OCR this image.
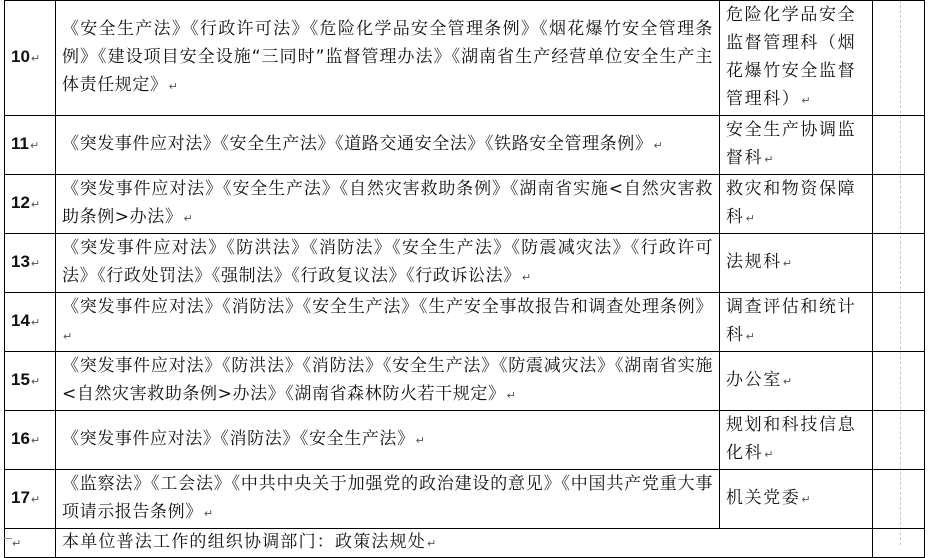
10↵	《安全生产法》《行政许可法》《危险化学品安全管理条例》《烟花爆竹安全管理条例》《建设项目安全设施“三同时”监督管理办法》《湖南省生产经营单位安全生产主体责任规定》↵	危险化学品安全监督管理科（烟花爆竹安全监督管理科）↵	
11↵	《突发事件应对法》《安全生产法》《道路交通安全法》《铁路安全管理条例》↵	安全生产协调监督科↵	
12↵	《突发事件应对法》《安全生产法》《自然灾害救助条例》《湖南省实施<自然灾害救助条例>办法》↵	救灾和物资保障科↵	
13↵	《突发事件应对法》《防洪法》《消防法》《安全生产法》《防震减灾法》《行政许可法》《行政处罚法》《强制法》《行政复议法》《行政诉讼法》↵	法规科↵	
14↵	《突发事件应对法》《消防法》《安全生产法》《生产安全事故报告和调查处理条例》↵	调查评估和统计科↵	
15↵	《突发事件应对法》《防洪法》《消防法》《安全生产法》《防震减灾法》《湖南省实施<自然灾害救助条例>办法》《湖南省森林防火若干规定》↵	办公室↵	
16↵	《突发事件应对法》《消防法》《安全生产法》↵	规划和科技信息化科↵	
17↵	《监察法》《工会法》《中共中央关于加强党的政治建设的意见》《中国共产党重大事项请示报告条例》↵	机关党委↵	
↵	本单位普法工作的组织协调部门：政策法规处↵		
